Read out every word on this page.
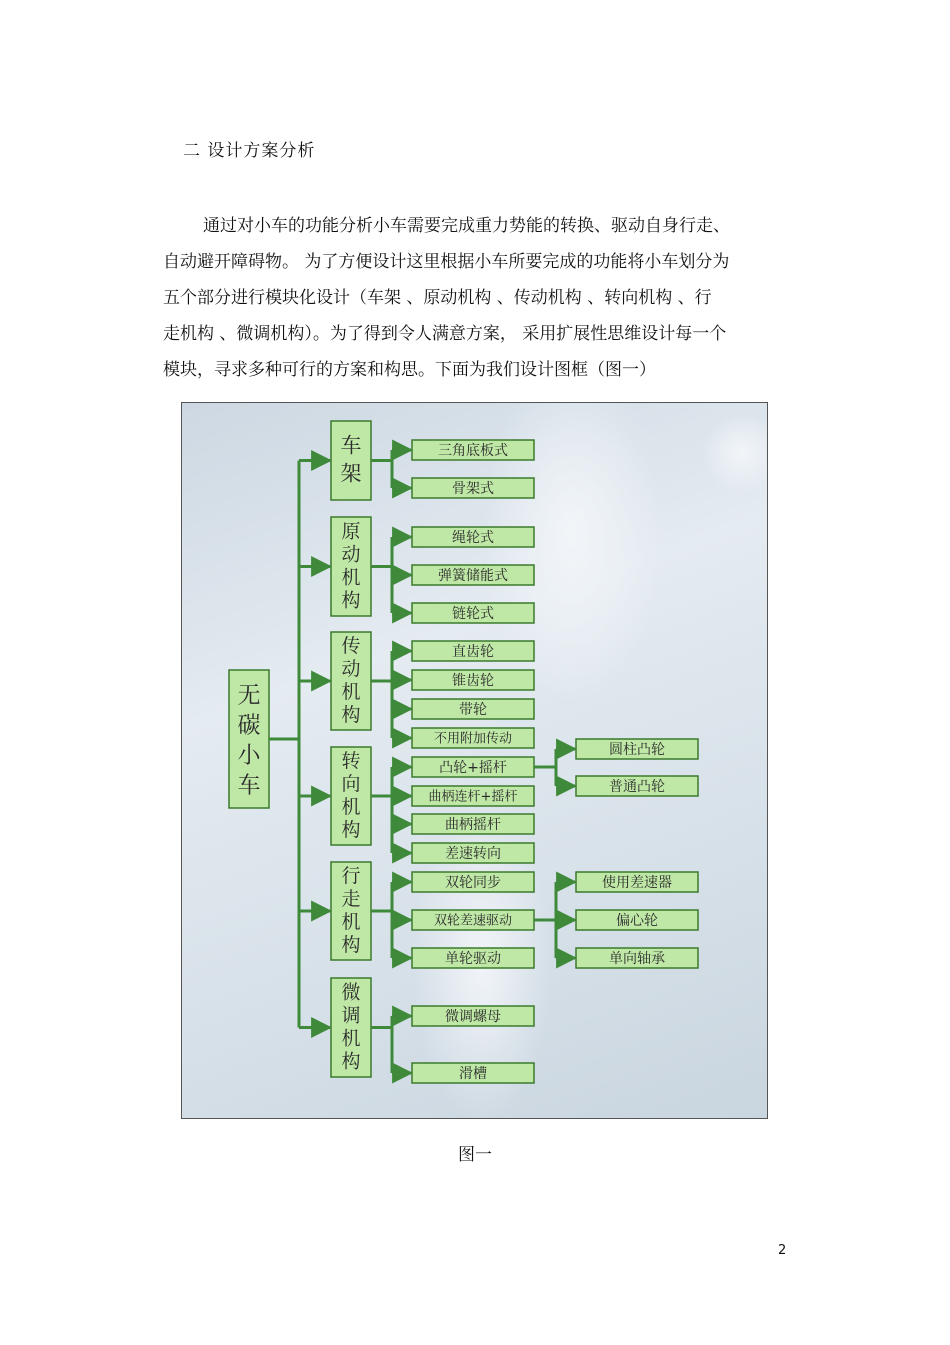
二 设计方案分析
通过对小车的功能分析小车需要完成重力势能的转换、驱动自身行走、
自动避开障碍物。 为了方便设计这里根据小车所要完成的功能将小车划分为
五个部分进行模块化设计（车架 、原动机构 、传动机构 、转向机构 、行
走机构 、微调机构）。为了得到令人满意方案， 采用扩展性思维设计每一个
模块，寻求多种可行的方案和构思。下面为我们设计图框（图一）
无
碳
小
车
车
架
三角底板式
骨架式
原
动
机
构
绳轮式
弹簧储能式
链轮式
传
动
机
构
直齿轮
锥齿轮
带轮
不用附加传动
转
向
机
构
凸轮+摇杆
圆柱凸轮
普通凸轮
曲柄连杆+摇杆
曲柄摇杆
差速转向
行
走
机
构
双轮同步
双轮差速驱动
使用差速器
偏心轮
单向轴承
单轮驱动
微
调
机
构
微调螺母
滑槽
图一
2
